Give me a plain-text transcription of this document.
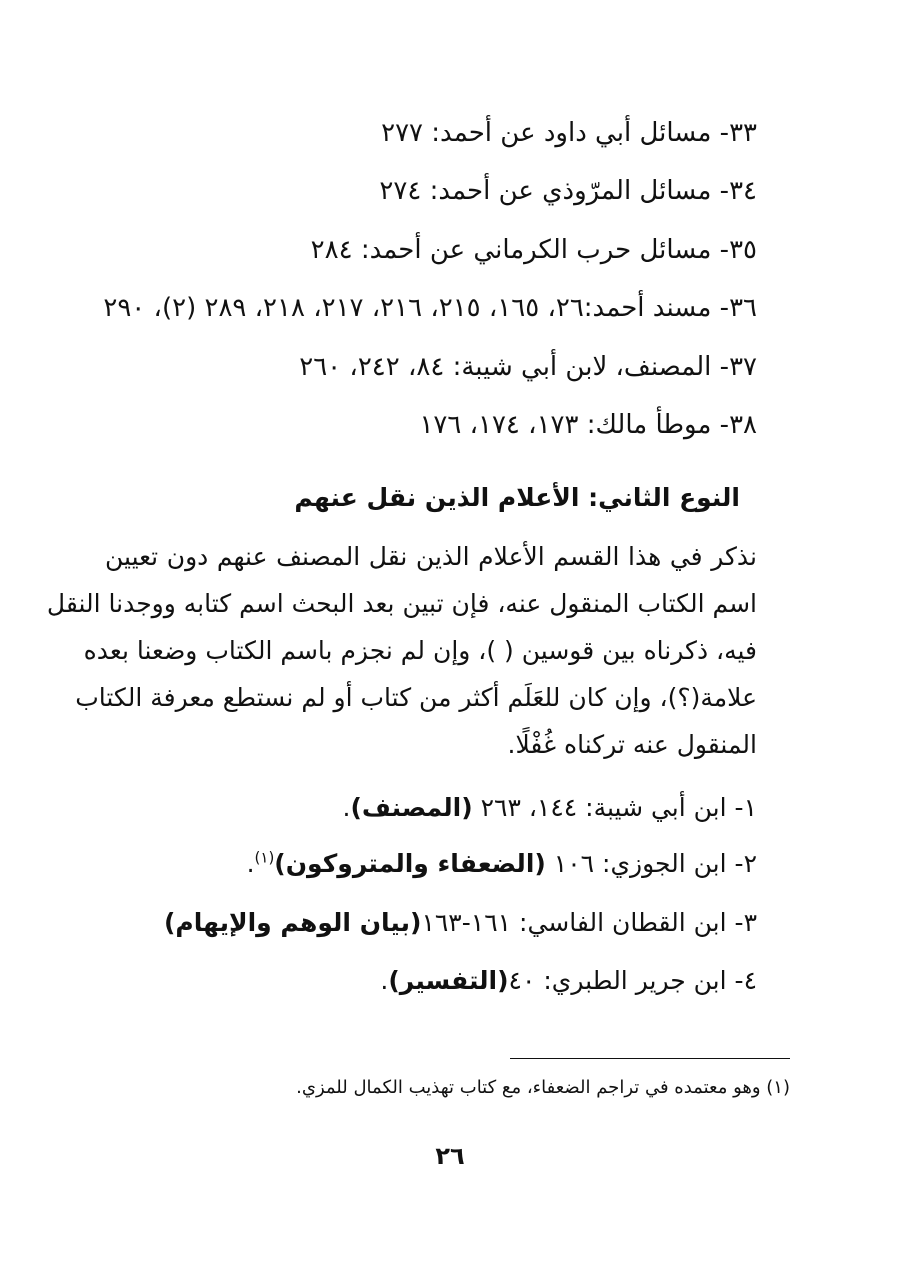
٣٣- مسائل أبي داود عن أحمد: ٢٧٧
٣٤- مسائل المرّوذي عن أحمد: ٢٧٤
٣٥- مسائل حرب الكرماني عن أحمد: ٢٨٤
٣٦- مسند أحمد:٢٦، ١٦٥، ٢١٥، ٢١٦، ٢١٧، ٢١٨، ٢٨٩ (٢)، ٢٩٠
٣٧- المصنف، لابن أبي شيبة: ٨٤، ٢٤٢، ٢٦٠
٣٨- موطأ مالك: ١٧٣، ١٧٤، ١٧٦
النوع الثاني: الأعلام الذين نقل عنهم
نذكر في هذا القسم الأعلام الذين نقل المصنف عنهم دون تعيين
اسم الكتاب المنقول عنه، فإن تبين بعد البحث اسم كتابه ووجدنا النقل
فيه، ذكرناه بين قوسين ( )، وإن لم نجزم باسم الكتاب وضعنا بعده
علامة(؟)، وإن كان للعَلَم أكثر من كتاب أو لم نستطع معرفة الكتاب
المنقول عنه تركناه غُفْلًا.
١- ابن أبي شيبة: ١٤٤، ٢٦٣ (المصنف).
٢- ابن الجوزي: ١٠٦ (الضعفاء والمتروكون)$^{(١)}$.
٣- ابن القطان الفاسي: ١٦١-١٦٣(بيان الوهم والإيهام)
٤- ابن جرير الطبري: ٤٠(التفسير).
(١) وهو معتمده في تراجم الضعفاء، مع كتاب تهذيب الكمال للمزي.
٢٦
